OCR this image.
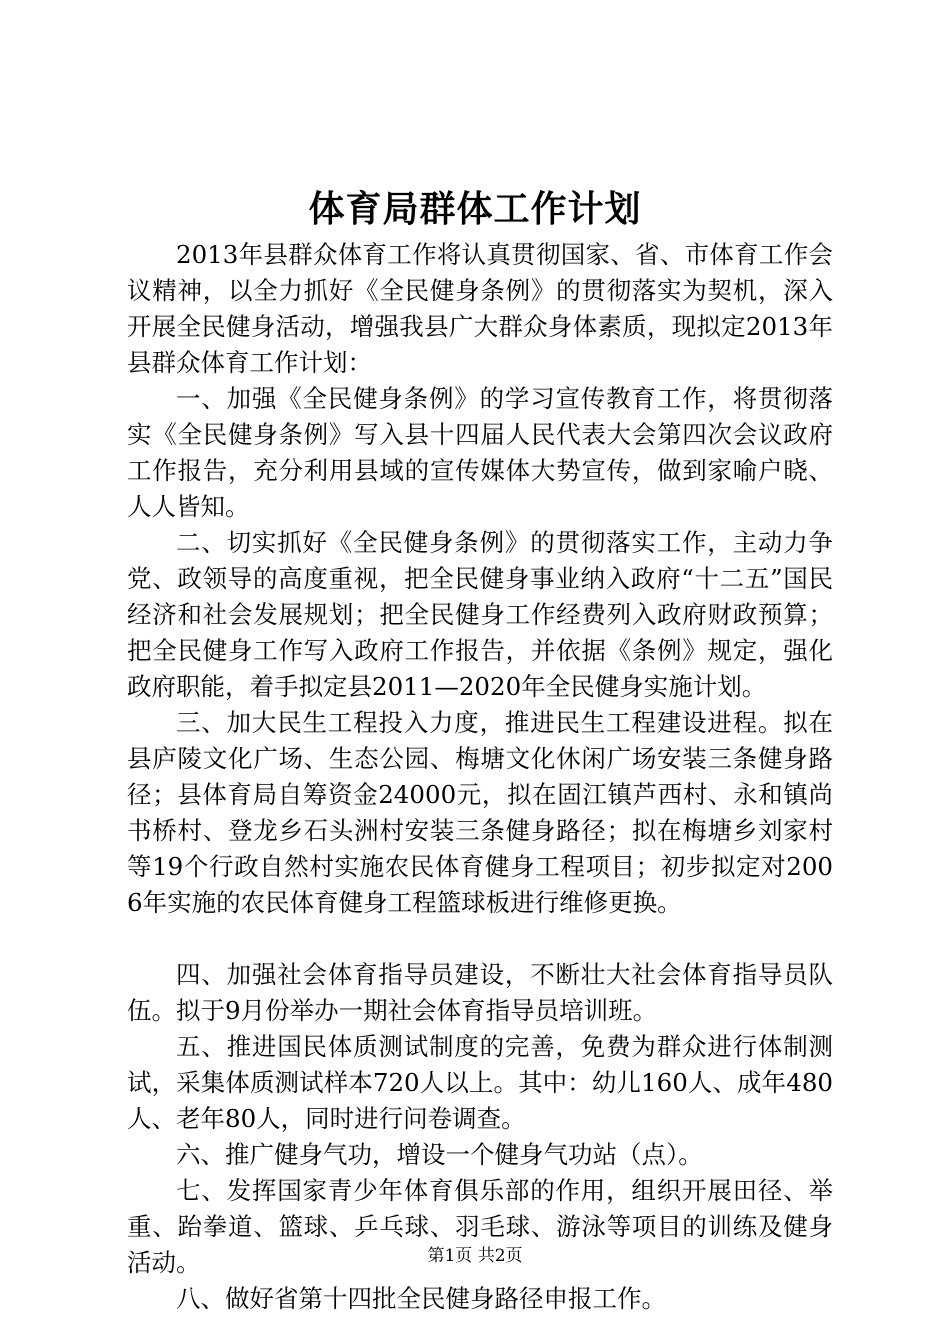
体育局群体工作计划

2013年县群众体育工作将认真贯彻国家、省、市体育工作会议精神，以全力抓好《全民健身条例》的贯彻落实为契机，深入开展全民健身活动，增强我县广大群众身体素质，现拟定2013年县群众体育工作计划：

一、加强《全民健身条例》的学习宣传教育工作，将贯彻落实《全民健身条例》写入县十四届人民代表大会第四次会议政府工作报告，充分利用县域的宣传媒体大势宣传，做到家喻户晓、人人皆知。

二、切实抓好《全民健身条例》的贯彻落实工作，主动力争党、政领导的高度重视，把全民健身事业纳入政府“十二五”国民经济和社会发展规划；把全民健身工作经费列入政府财政预算；把全民健身工作写入政府工作报告，并依据《条例》规定，强化政府职能，着手拟定县2011—2020年全民健身实施计划。

三、加大民生工程投入力度，推进民生工程建设进程。拟在县庐陵文化广场、生态公园、梅塘文化休闲广场安装三条健身路径；县体育局自筹资金24000元，拟在固江镇芦西村、永和镇尚书桥村、登龙乡石头洲村安装三条健身路径；拟在梅塘乡刘家村等19个行政自然村实施农民体育健身工程项目；初步拟定对2006年实施的农民体育健身工程篮球板进行维修更换。

四、加强社会体育指导员建设，不断壮大社会体育指导员队伍。拟于9月份举办一期社会体育指导员培训班。

五、推进国民体质测试制度的完善，免费为群众进行体制测试，采集体质测试样本720人以上。其中：幼儿160人、成年480人、老年80人，同时进行问卷调查。

六、推广健身气功，增设一个健身气功站（点）。

七、发挥国家青少年体育俱乐部的作用，组织开展田径、举重、跆拳道、篮球、乒乓球、羽毛球、游泳等项目的训练及健身活动。

八、做好省第十四批全民健身路径申报工作。

第1页 共2页
